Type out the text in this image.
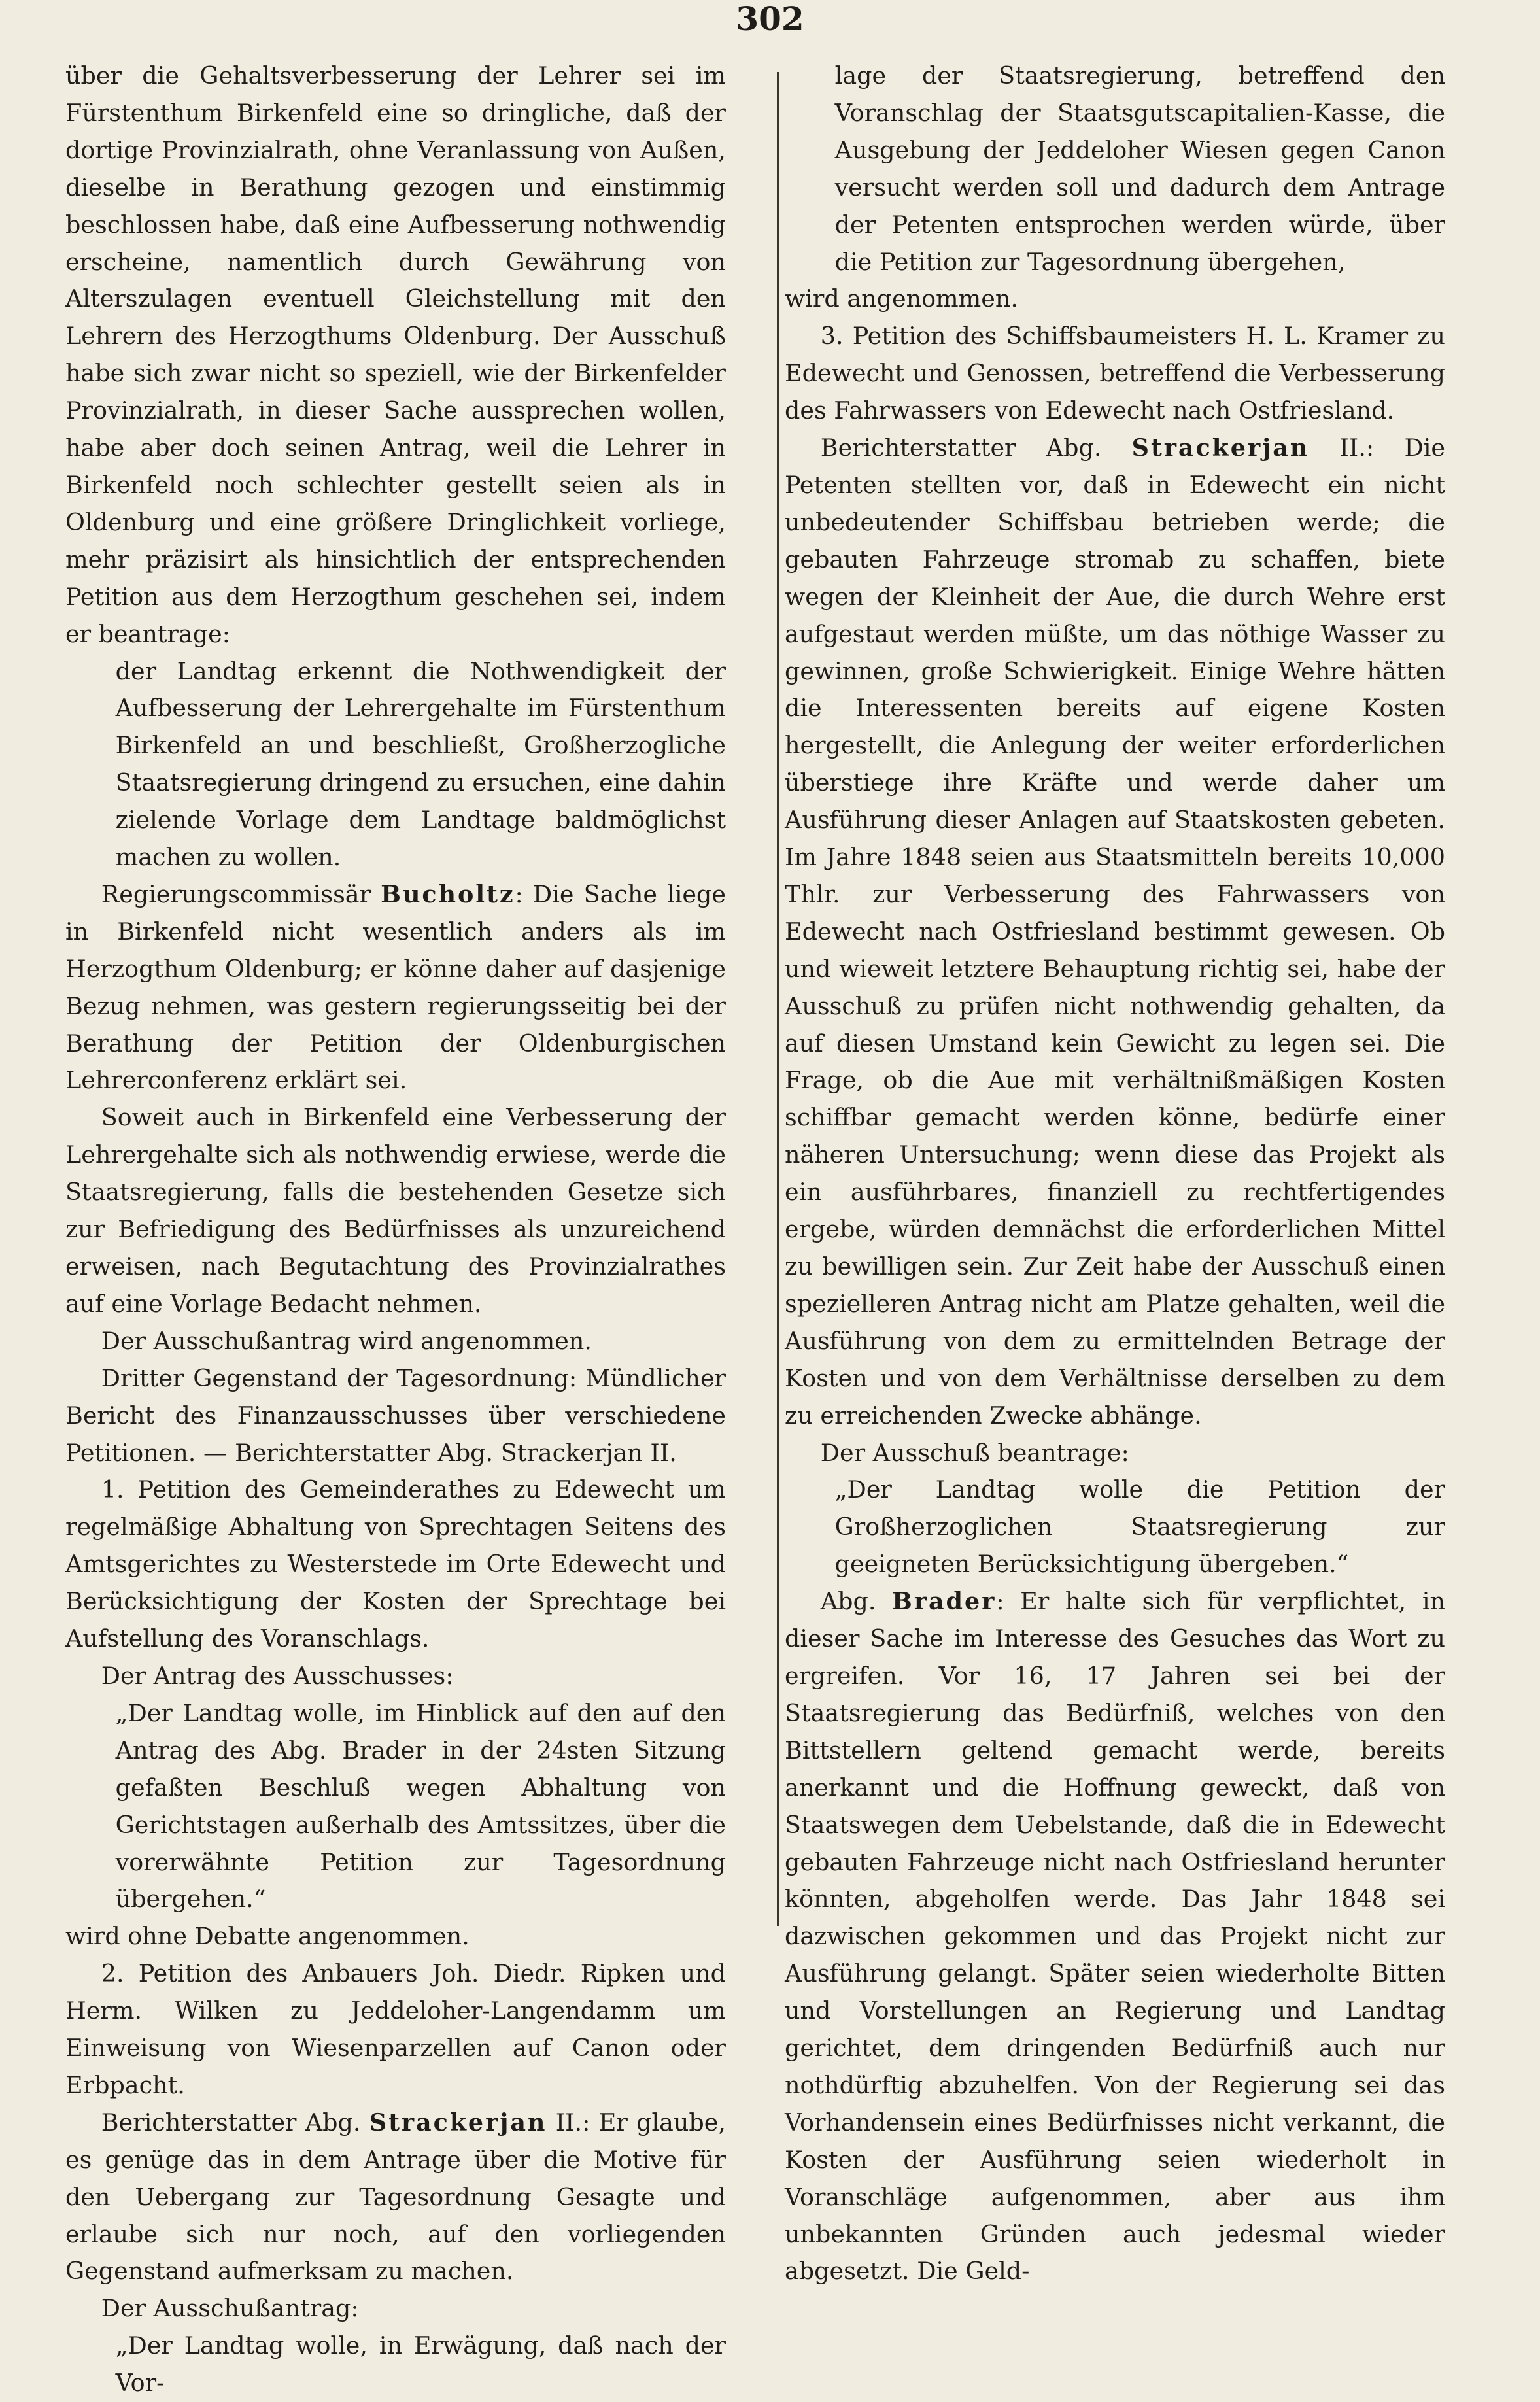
302

über die Gehaltsverbesserung der Lehrer sei im Fürstenthum Birkenfeld eine so dringliche, daß der dortige Provinzialrath, ohne Veranlassung von Außen, dieselbe in Berathung gezogen und einstimmig beschlossen habe, daß eine Aufbesserung nothwendig erscheine, namentlich durch Gewährung von Alterszulagen eventuell Gleichstellung mit den Lehrern des Herzogthums Oldenburg. Der Ausschuß habe sich zwar nicht so speziell, wie der Birkenfelder Provinzialrath, in dieser Sache aussprechen wollen, habe aber doch seinen Antrag, weil die Lehrer in Birkenfeld noch schlechter gestellt seien als in Oldenburg und eine größere Dringlichkeit vorliege, mehr präzisirt als hinsichtlich der entsprechenden Petition aus dem Herzogthum geschehen sei, indem er beantrage:

der Landtag erkennt die Nothwendigkeit der Aufbesserung der Lehrergehalte im Fürstenthum Birkenfeld an und beschließt, Großherzogliche Staatsregierung dringend zu ersuchen, eine dahin zielende Vorlage dem Landtage baldmöglichst machen zu wollen.

Regierungscommissär Bucholtz: Die Sache liege in Birkenfeld nicht wesentlich anders als im Herzogthum Oldenburg; er könne daher auf dasjenige Bezug nehmen, was gestern regierungsseitig bei der Berathung der Petition der Oldenburgischen Lehrerconferenz erklärt sei.

Soweit auch in Birkenfeld eine Verbesserung der Lehrergehalte sich als nothwendig erwiese, werde die Staatsregierung, falls die bestehenden Gesetze sich zur Befriedigung des Bedürfnisses als unzureichend erweisen, nach Begutachtung des Provinzialrathes auf eine Vorlage Bedacht nehmen.

Der Ausschußantrag wird angenommen.

Dritter Gegenstand der Tagesordnung: Mündlicher Bericht des Finanzausschusses über verschiedene Petitionen. — Berichterstatter Abg. Strackerjan II.

1. Petition des Gemeinderathes zu Edewecht um regelmäßige Abhaltung von Sprechtagen Seitens des Amtsgerichtes zu Westerstede im Orte Edewecht und Berücksichtigung der Kosten der Sprechtage bei Aufstellung des Voranschlags.

Der Antrag des Ausschusses:

„Der Landtag wolle, im Hinblick auf den auf den Antrag des Abg. Brader in der 24sten Sitzung gefaßten Beschluß wegen Abhaltung von Gerichtstagen außerhalb des Amtssitzes, über die vorerwähnte Petition zur Tagesordnung übergehen.“

wird ohne Debatte angenommen.

2. Petition des Anbauers Joh. Diedr. Ripken und Herm. Wilken zu Jeddeloher-Langendamm um Einweisung von Wiesenparzellen auf Canon oder Erbpacht.

Berichterstatter Abg. Strackerjan II.: Er glaube, es genüge das in dem Antrage über die Motive für den Uebergang zur Tagesordnung Gesagte und erlaube sich nur noch, auf den vorliegenden Gegenstand aufmerksam zu machen.

Der Ausschußantrag:

„Der Landtag wolle, in Erwägung, daß nach der Vor-

lage der Staatsregierung, betreffend den Voranschlag der Staatsgutscapitalien-Kasse, die Ausgebung der Jeddeloher Wiesen gegen Canon versucht werden soll und dadurch dem Antrage der Petenten entsprochen werden würde, über die Petition zur Tagesordnung übergehen,

wird angenommen.

3. Petition des Schiffsbaumeisters H. L. Kramer zu Edewecht und Genossen, betreffend die Verbesserung des Fahrwassers von Edewecht nach Ostfriesland.

Berichterstatter Abg. Strackerjan II.: Die Petenten stellten vor, daß in Edewecht ein nicht unbedeutender Schiffsbau betrieben werde; die gebauten Fahrzeuge stromab zu schaffen, biete wegen der Kleinheit der Aue, die durch Wehre erst aufgestaut werden müßte, um das nöthige Wasser zu gewinnen, große Schwierigkeit. Einige Wehre hätten die Interessenten bereits auf eigene Kosten hergestellt, die Anlegung der weiter erforderlichen überstiege ihre Kräfte und werde daher um Ausführung dieser Anlagen auf Staatskosten gebeten. Im Jahre 1848 seien aus Staatsmitteln bereits 10,000 Thlr. zur Verbesserung des Fahrwassers von Edewecht nach Ostfriesland bestimmt gewesen. Ob und wieweit letztere Behauptung richtig sei, habe der Ausschuß zu prüfen nicht nothwendig gehalten, da auf diesen Umstand kein Gewicht zu legen sei. Die Frage, ob die Aue mit verhältnißmäßigen Kosten schiffbar gemacht werden könne, bedürfe einer näheren Untersuchung; wenn diese das Projekt als ein ausführbares, finanziell zu rechtfertigendes ergebe, würden demnächst die erforderlichen Mittel zu bewilligen sein. Zur Zeit habe der Ausschuß einen spezielleren Antrag nicht am Platze gehalten, weil die Ausführung von dem zu ermittelnden Betrage der Kosten und von dem Verhältnisse derselben zu dem zu erreichenden Zwecke abhänge.

Der Ausschuß beantrage:

„Der Landtag wolle die Petition der Großherzoglichen Staatsregierung zur geeigneten Berücksichtigung übergeben.“

Abg. Brader: Er halte sich für verpflichtet, in dieser Sache im Interesse des Gesuches das Wort zu ergreifen. Vor 16, 17 Jahren sei bei der Staatsregierung das Bedürfniß, welches von den Bittstellern geltend gemacht werde, bereits anerkannt und die Hoffnung geweckt, daß von Staatswegen dem Uebelstande, daß die in Edewecht gebauten Fahrzeuge nicht nach Ostfriesland herunter könnten, abgeholfen werde. Das Jahr 1848 sei dazwischen gekommen und das Projekt nicht zur Ausführung gelangt. Später seien wiederholte Bitten und Vorstellungen an Regierung und Landtag gerichtet, dem dringenden Bedürfniß auch nur nothdürftig abzuhelfen. Von der Regierung sei das Vorhandensein eines Bedürfnisses nicht verkannt, die Kosten der Ausführung seien wiederholt in Voranschläge aufgenommen, aber aus ihm unbekannten Gründen auch jedesmal wieder abgesetzt. Die Geld-
